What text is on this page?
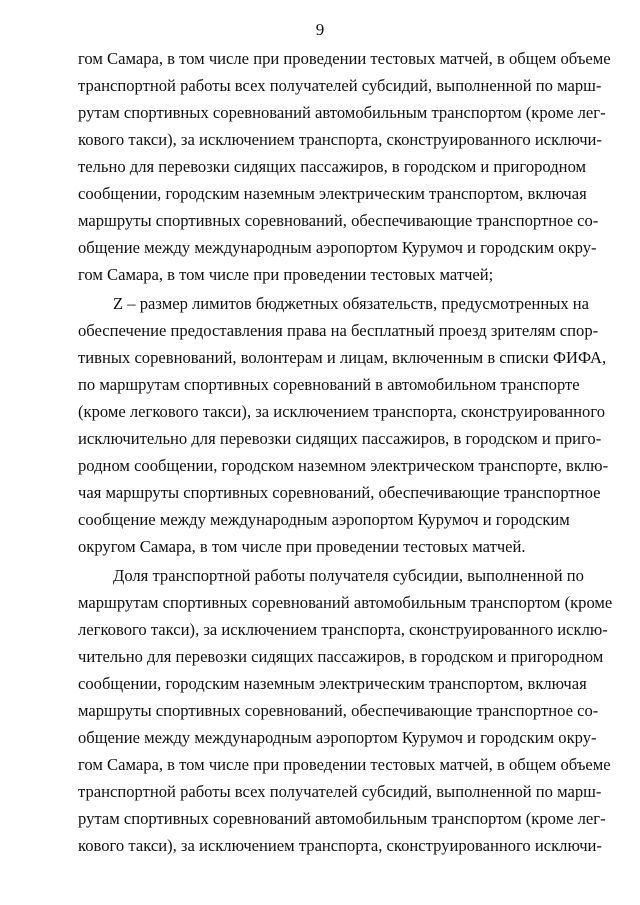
9
гом Самара, в том числе при проведении тестовых матчей, в общем объеме
транспортной работы всех получателей субсидий, выполненной по марш-
рутам спортивных соревнований автомобильным транспортом (кроме лег-
кового такси), за исключением транспорта, сконструированного исключи-
тельно для перевозки сидящих пассажиров, в городском и пригородном
сообщении, городским наземным электрическим транспортом, включая
маршруты спортивных соревнований, обеспечивающие транспортное со-
общение между международным аэропортом Курумоч и городским окру-
гом Самара, в том числе при проведении тестовых матчей;
Z – размер лимитов бюджетных обязательств, предусмотренных на
обеспечение предоставления права на бесплатный проезд зрителям спор-
тивных соревнований, волонтерам и лицам, включенным в списки ФИФА,
по маршрутам спортивных соревнований в автомобильном транспорте
(кроме легкового такси), за исключением транспорта, сконструированного
исключительно для перевозки сидящих пассажиров, в городском и приго-
родном сообщении, городском наземном электрическом транспорте, вклю-
чая маршруты спортивных соревнований, обеспечивающие транспортное
сообщение между международным аэропортом Курумоч и городским
округом Самара, в том числе при проведении тестовых матчей.
Доля транспортной работы получателя субсидии, выполненной по
маршрутам спортивных соревнований автомобильным транспортом (кроме
легкового такси), за исключением транспорта, сконструированного исклю-
чительно для перевозки сидящих пассажиров, в городском и пригородном
сообщении, городским наземным электрическим транспортом, включая
маршруты спортивных соревнований, обеспечивающие транспортное со-
общение между международным аэропортом Курумоч и городским окру-
гом Самара, в том числе при проведении тестовых матчей, в общем объеме
транспортной работы всех получателей субсидий, выполненной по марш-
рутам спортивных соревнований автомобильным транспортом (кроме лег-
кового такси), за исключением транспорта, сконструированного исключи-
